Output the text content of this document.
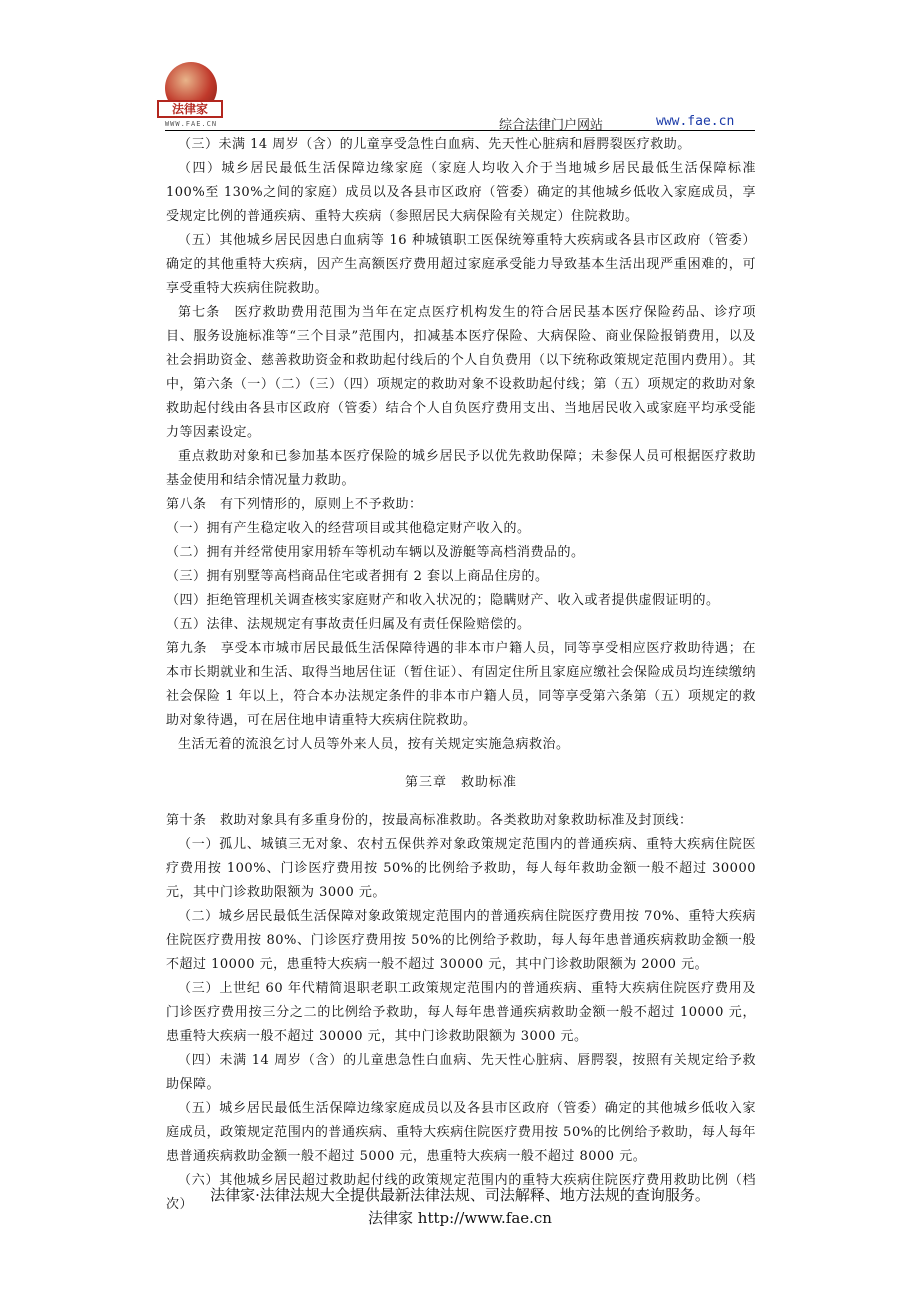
法律家
WWW.FAE.CN	综合法律门户网站	www.fae.cn

（三）未满 14 周岁（含）的儿童享受急性白血病、先天性心脏病和唇腭裂医疗救助。

（四）城乡居民最低生活保障边缘家庭（家庭人均收入介于当地城乡居民最低生活保障标准 100%至 130%之间的家庭）成员以及各县市区政府（管委）确定的其他城乡低收入家庭成员，享受规定比例的普通疾病、重特大疾病（参照居民大病保险有关规定）住院救助。

（五）其他城乡居民因患白血病等 16 种城镇职工医保统筹重特大疾病或各县市区政府（管委）确定的其他重特大疾病，因产生高额医疗费用超过家庭承受能力导致基本生活出现严重困难的，可享受重特大疾病住院救助。

第七条　医疗救助费用范围为当年在定点医疗机构发生的符合居民基本医疗保险药品、诊疗项目、服务设施标准等“三个目录”范围内，扣减基本医疗保险、大病保险、商业保险报销费用，以及社会捐助资金、慈善救助资金和救助起付线后的个人自负费用（以下统称政策规定范围内费用）。其中，第六条（一）（二）（三）（四）项规定的救助对象不设救助起付线；第（五）项规定的救助对象救助起付线由各县市区政府（管委）结合个人自负医疗费用支出、当地居民收入或家庭平均承受能力等因素设定。

重点救助对象和已参加基本医疗保险的城乡居民予以优先救助保障；未参保人员可根据医疗救助基金使用和结余情况量力救助。

第八条　有下列情形的，原则上不予救助：

（一）拥有产生稳定收入的经营项目或其他稳定财产收入的。

（二）拥有并经常使用家用轿车等机动车辆以及游艇等高档消费品的。

（三）拥有别墅等高档商品住宅或者拥有 2 套以上商品住房的。

（四）拒绝管理机关调查核实家庭财产和收入状况的；隐瞒财产、收入或者提供虚假证明的。

（五）法律、法规规定有事故责任归属及有责任保险赔偿的。

第九条　享受本市城市居民最低生活保障待遇的非本市户籍人员，同等享受相应医疗救助待遇；在本市长期就业和生活、取得当地居住证（暂住证）、有固定住所且家庭应缴社会保险成员均连续缴纳社会保险 1 年以上，符合本办法规定条件的非本市户籍人员，同等享受第六条第（五）项规定的救助对象待遇，可在居住地申请重特大疾病住院救助。

生活无着的流浪乞讨人员等外来人员，按有关规定实施急病救治。

第三章　救助标准

第十条　救助对象具有多重身份的，按最高标准救助。各类救助对象救助标准及封顶线：

（一）孤儿、城镇三无对象、农村五保供养对象政策规定范围内的普通疾病、重特大疾病住院医疗费用按 100%、门诊医疗费用按 50%的比例给予救助，每人每年救助金额一般不超过 30000 元，其中门诊救助限额为 3000 元。

（二）城乡居民最低生活保障对象政策规定范围内的普通疾病住院医疗费用按 70%、重特大疾病住院医疗费用按 80%、门诊医疗费用按 50%的比例给予救助，每人每年患普通疾病救助金额一般不超过 10000 元，患重特大疾病一般不超过 30000 元，其中门诊救助限额为 2000 元。

（三）上世纪 60 年代精简退职老职工政策规定范围内的普通疾病、重特大疾病住院医疗费用及门诊医疗费用按三分之二的比例给予救助，每人每年患普通疾病救助金额一般不超过 10000 元，患重特大疾病一般不超过 30000 元，其中门诊救助限额为 3000 元。

（四）未满 14 周岁（含）的儿童患急性白血病、先天性心脏病、唇腭裂，按照有关规定给予救助保障。

（五）城乡居民最低生活保障边缘家庭成员以及各县市区政府（管委）确定的其他城乡低收入家庭成员，政策规定范围内的普通疾病、重特大疾病住院医疗费用按 50%的比例给予救助，每人每年患普通疾病救助金额一般不超过 5000 元，患重特大疾病一般不超过 8000 元。

（六）其他城乡居民超过救助起付线的政策规定范围内的重特大疾病住院医疗费用救助比例（档次）

法律家·法律法规大全提供最新法律法规、司法解释、地方法规的查询服务。
法律家 http://www.fae.cn
